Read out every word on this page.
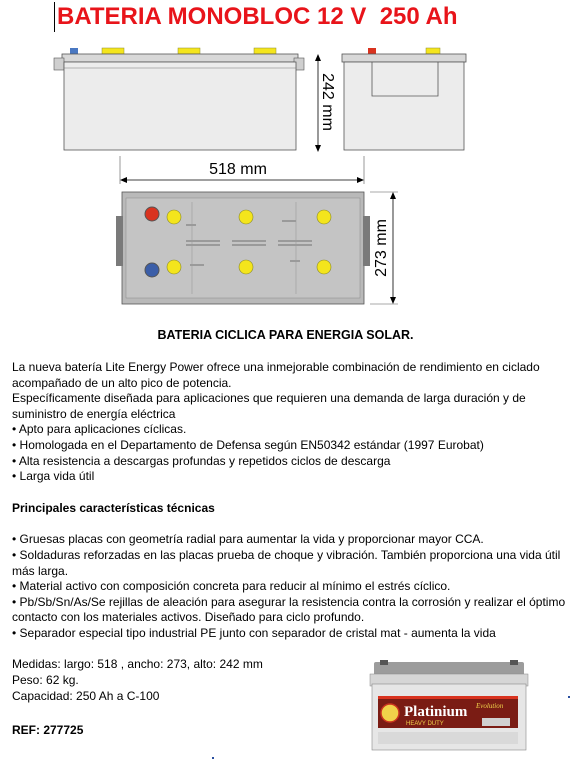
BATERIA MONOBLOC 12 V  250 Ah
242 mm
518 mm
273 mm
BATERIA CICLICA PARA ENERGIA SOLAR.

La nueva batería Lite Energy Power ofrece una inmejorable combinación de rendimiento en ciclado acompañado de un alto pico de potencia.

Específicamente diseñada para aplicaciones que requieren una demanda de larga duración y de suministro de energía eléctrica

• Apto para aplicaciones cíclicas.

• Homologada en el Departamento de Defensa según EN50342 estándar (1997 Eurobat)

• Alta resistencia a descargas profundas y repetidos ciclos de descarga

• Larga vida útil

Principales características técnicas

• Gruesas placas con geometría radial para aumentar la vida y proporcionar mayor CCA.

• Soldaduras reforzadas en las placas prueba de choque y vibración. También proporciona una vida útil más larga.

• Material activo con composición concreta para reducir al mínimo el estrés cíclico.

• Pb/Sb/Sn/As/Se rejillas de aleación para asegurar la resistencia contra la corrosión y realizar el óptimo contacto con los materiales activos. Diseñado para ciclo profundo.

• Separador especial tipo industrial PE junto con separador de cristal mat - aumenta la vida

Medidas: largo: 518 , ancho: 273, alto: 242 mm

Peso: 62 kg.

Capacidad: 250 Ah a C-100

REF: 277725
Platinium Evolution
HEAVY DUTY
